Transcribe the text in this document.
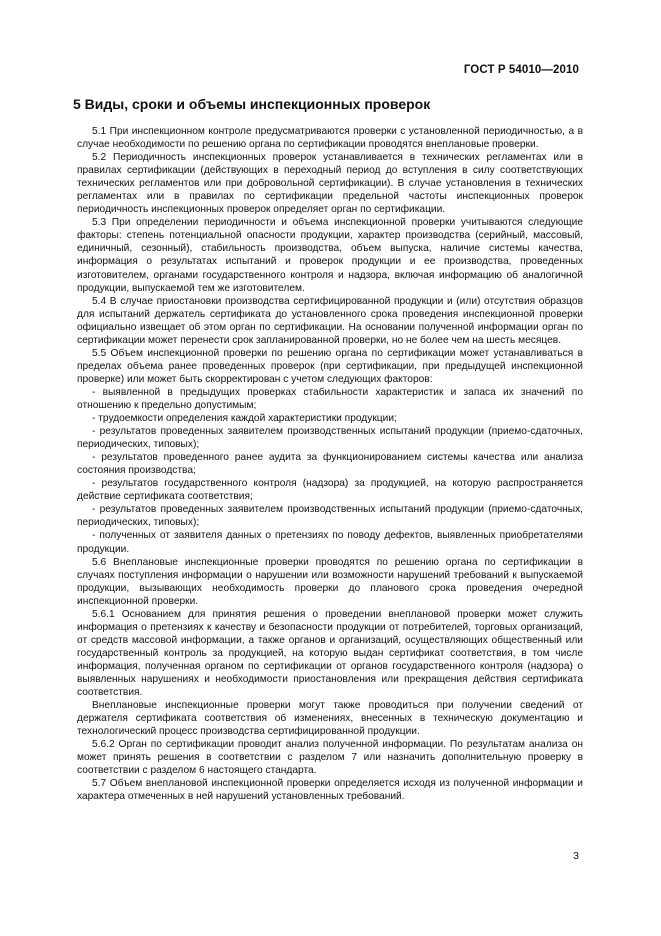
ГОСТ Р 54010—2010
5 Виды, сроки и объемы инспекционных проверок

5.1 При инспекционном контроле предусматриваются проверки с установленной периодичностью, а в случае необходимости по решению органа по сертификации проводятся внеплановые проверки.

5.2 Периодичность инспекционных проверок устанавливается в технических регламентах или в правилах сертификации (действующих в переходный период до вступления в силу соответствующих технических регламентов или при добровольной сертификации). В случае установления в технических регламентах или в правилах по сертификации предельной частоты инспекционных проверок периодичность инспекционных проверок определяет орган по сертификации.

5.3 При определении периодичности и объема инспекционной проверки учитываются следующие факторы: степень потенциальной опасности продукции, характер производства (серийный, массовый, единичный, сезонный), стабильность производства, объем выпуска, наличие системы качества, информация о результатах испытаний и проверок продукции и ее производства, проведенных изготовителем, органами государственного контроля и надзора, включая информацию об аналогичной продукции, выпускаемой тем же изготовителем.

5.4 В случае приостановки производства сертифицированной продукции и (или) отсутствия образцов для испытаний держатель сертификата до установленного срока проведения инспекционной проверки официально извещает об этом орган по сертификации. На основании полученной информации орган по сертификации может перенести срок запланированной проверки, но не более чем на шесть месяцев.

5.5 Объем инспекционной проверки по решению органа по сертификации может устанавливаться в пределах объема ранее проведенных проверок (при сертификации, при предыдущей инспекционной проверке) или может быть скорректирован с учетом следующих факторов:

- выявленной в предыдущих проверках стабильности характеристик и запаса их значений по отношению к предельно допустимым;

- трудоемкости определения каждой характеристики продукции;

- результатов проведенных заявителем производственных испытаний продукции (приемо-сдаточных, периодических, типовых);

- результатов проведенного ранее аудита за функционированием системы качества или анализа состояния производства;

- результатов государственного контроля (надзора) за продукцией, на которую распространяется действие сертификата соответствия;

- результатов проведенных заявителем производственных испытаний продукции (приемо-сдаточных, периодических, типовых);

- полученных от заявителя данных о претензиях по поводу дефектов, выявленных приобретателями продукции.

5.6 Внеплановые инспекционные проверки проводятся по решению органа по сертификации в случаях поступления информации о нарушении или возможности нарушений требований к выпускаемой продукции, вызывающих необходимость проверки до планового срока проведения очередной инспекционной проверки.

5.6.1 Основанием для принятия решения о проведении внеплановой проверки может служить информация о претензиях к качеству и безопасности продукции от потребителей, торговых организаций, от средств массовой информации, а также органов и организаций, осуществляющих общественный или государственный контроль за продукцией, на которую выдан сертификат соответствия, в том числе информация, полученная органом по сертификации от органов государственного контроля (надзора) о выявленных нарушениях и необходимости приостановления или прекращения действия сертификата соответствия.

Внеплановые инспекционные проверки могут также проводиться при получении сведений от держателя сертификата соответствия об изменениях, внесенных в техническую документацию и технологический процесс производства сертифицированной продукции.

5.6.2 Орган по сертификации проводит анализ полученной информации. По результатам анализа он может принять решения в соответствии с разделом 7 или назначить дополнительную проверку в соответствии с разделом 6 настоящего стандарта.

5.7 Объем внеплановой инспекционной проверки определяется исходя из полученной информации и характера отмеченных в ней нарушений установленных требований.

3
